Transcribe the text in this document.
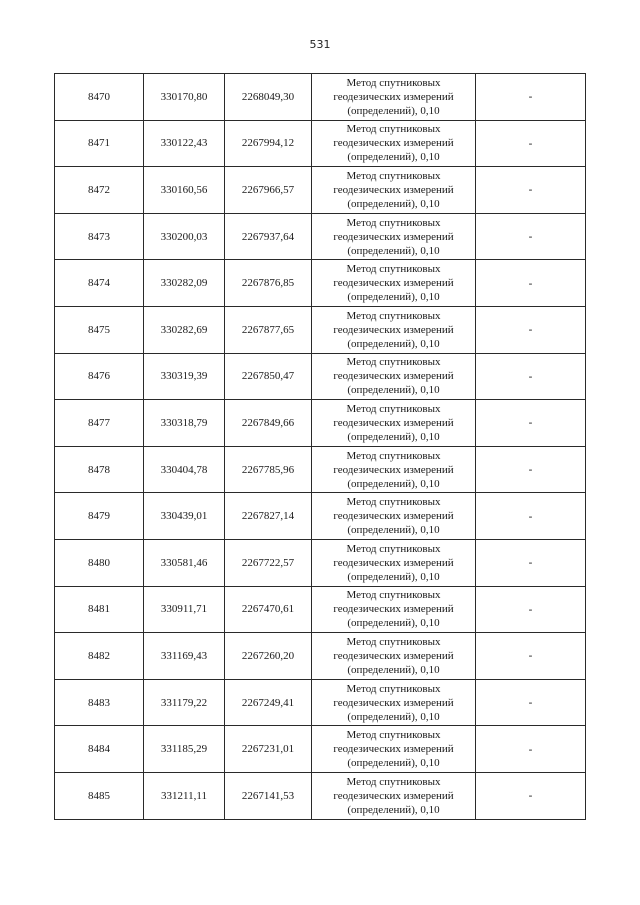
531
8470	330170,80	2268049,30	Метод спутниковых
геодезических измерений
(определений), 0,10	-
8471	330122,43	2267994,12	Метод спутниковых
геодезических измерений
(определений), 0,10	-
8472	330160,56	2267966,57	Метод спутниковых
геодезических измерений
(определений), 0,10	-
8473	330200,03	2267937,64	Метод спутниковых
геодезических измерений
(определений), 0,10	-
8474	330282,09	2267876,85	Метод спутниковых
геодезических измерений
(определений), 0,10	-
8475	330282,69	2267877,65	Метод спутниковых
геодезических измерений
(определений), 0,10	-
8476	330319,39	2267850,47	Метод спутниковых
геодезических измерений
(определений), 0,10	-
8477	330318,79	2267849,66	Метод спутниковых
геодезических измерений
(определений), 0,10	-
8478	330404,78	2267785,96	Метод спутниковых
геодезических измерений
(определений), 0,10	-
8479	330439,01	2267827,14	Метод спутниковых
геодезических измерений
(определений), 0,10	-
8480	330581,46	2267722,57	Метод спутниковых
геодезических измерений
(определений), 0,10	-
8481	330911,71	2267470,61	Метод спутниковых
геодезических измерений
(определений), 0,10	-
8482	331169,43	2267260,20	Метод спутниковых
геодезических измерений
(определений), 0,10	-
8483	331179,22	2267249,41	Метод спутниковых
геодезических измерений
(определений), 0,10	-
8484	331185,29	2267231,01	Метод спутниковых
геодезических измерений
(определений), 0,10	-
8485	331211,11	2267141,53	Метод спутниковых
геодезических измерений
(определений), 0,10	-
